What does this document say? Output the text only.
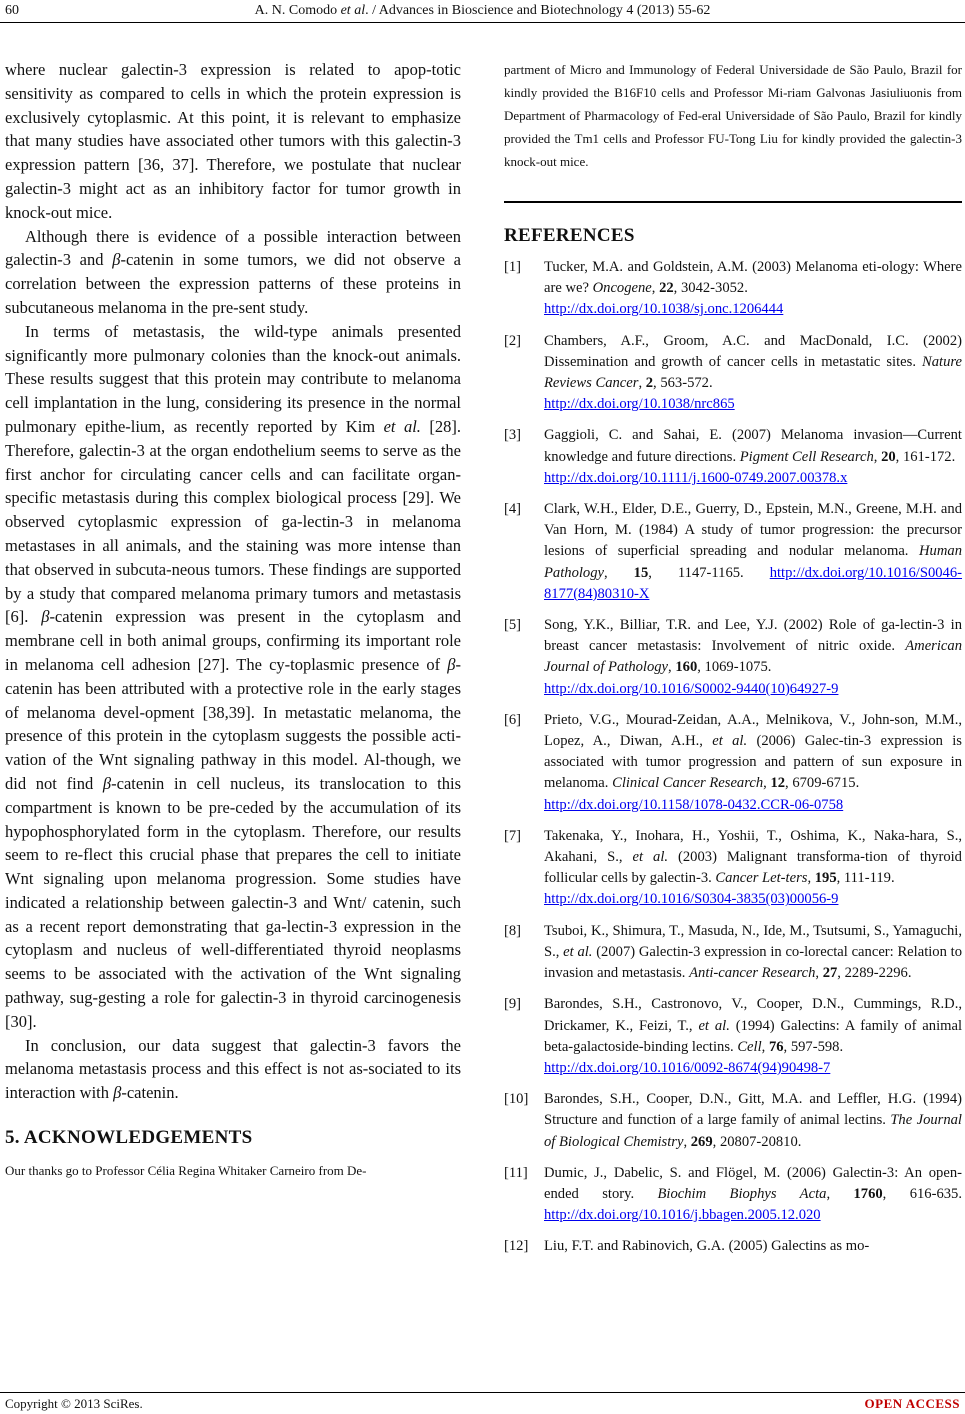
60	A. N. Comodo et al. / Advances in Bioscience and Biotechnology 4 (2013) 55-62

where nuclear galectin-3 expression is related to apop-totic sensitivity as compared to cells in which the protein expression is exclusively cytoplasmic. At this point, it is relevant to emphasize that many studies have associated other tumors with this galectin-3 expression pattern [36, 37]. Therefore, we postulate that nuclear galectin-3 might act as an inhibitory factor for tumor growth in knock-out mice.

Although there is evidence of a possible interaction between galectin-3 and β-catenin in some tumors, we did not observe a correlation between the expression patterns of these proteins in subcutaneous melanoma in the pre-sent study.

In terms of metastasis, the wild-type animals presented significantly more pulmonary colonies than the knock-out animals. These results suggest that this protein may contribute to melanoma cell implantation in the lung, considering its presence in the normal pulmonary epithe-lium, as recently reported by Kim et al. [28]. Therefore, galectin-3 at the organ endothelium seems to serve as the first anchor for circulating cancer cells and can facilitate organ-specific metastasis during this complex biological process [29]. We observed cytoplasmic expression of ga-lectin-3 in melanoma metastases in all animals, and the staining was more intense than that observed in subcuta-neous tumors. These findings are supported by a study that compared melanoma primary tumors and metastasis [6]. β-catenin expression was present in the cytoplasm and membrane cell in both animal groups, confirming its important role in melanoma cell adhesion [27]. The cy-toplasmic presence of β-catenin has been attributed with a protective role in the early stages of melanoma devel-opment [38,39]. In metastatic melanoma, the presence of this protein in the cytoplasm suggests the possible acti-vation of the Wnt signaling pathway in this model. Al-though, we did not find β-catenin in cell nucleus, its translocation to this compartment is known to be pre-ceded by the accumulation of its hypophosphorylated form in the cytoplasm. Therefore, our results seem to re-flect this crucial phase that prepares the cell to initiate Wnt signaling upon melanoma progression. Some studies have indicated a relationship between galectin-3 and Wnt/ catenin, such as a recent report demonstrating that ga-lectin-3 expression in the cytoplasm and nucleus of well-differentiated thyroid neoplasms seems to be associated with the activation of the Wnt signaling pathway, sug-gesting a role for galectin-3 in thyroid carcinogenesis [30].

In conclusion, our data suggest that galectin-3 favors the melanoma metastasis process and this effect is not as-sociated to its interaction with β-catenin.

5. ACKNOWLEDGEMENTS

Our thanks go to Professor Célia Regina Whitaker Carneiro from De-

partment of Micro and Immunology of Federal Universidade de São Paulo, Brazil for kindly provided the B16F10 cells and Professor Mi-riam Galvonas Jasiuliuonis from Department of Pharmacology of Fed-eral Universidade of São Paulo, Brazil for kindly provided the Tm1 cells and Professor FU-Tong Liu for kindly provided the galectin-3 knock-out mice.

REFERENCES
[1]	Tucker, M.A. and Goldstein, A.M. (2003) Melanoma eti-ology: Where are we? Oncogene, 22, 3042-3052.
http://dx.doi.org/10.1038/sj.onc.1206444
[2]	Chambers, A.F., Groom, A.C. and MacDonald, I.C. (2002) Dissemination and growth of cancer cells in metastatic sites. Nature Reviews Cancer, 2, 563-572.
http://dx.doi.org/10.1038/nrc865
[3]	Gaggioli, C. and Sahai, E. (2007) Melanoma invasion—Current knowledge and future directions. Pigment Cell Research, 20, 161-172.
http://dx.doi.org/10.1111/j.1600-0749.2007.00378.x
[4]	Clark, W.H., Elder, D.E., Guerry, D., Epstein, M.N., Greene, M.H. and Van Horn, M. (1984) A study of tumor progression: the precursor lesions of superficial spreading and nodular melanoma. Human Pathology, 15, 1147-1165. http://dx.doi.org/10.1016/S0046-8177(84)80310-X
[5]	Song, Y.K., Billiar, T.R. and Lee, Y.J. (2002) Role of ga-lectin-3 in breast cancer metastasis: Involvement of nitric oxide. American Journal of Pathology, 160, 1069-1075.
http://dx.doi.org/10.1016/S0002-9440(10)64927-9
[6]	Prieto, V.G., Mourad-Zeidan, A.A., Melnikova, V., John-son, M.M., Lopez, A., Diwan, A.H., et al. (2006) Galec-tin-3 expression is associated with tumor progression and pattern of sun exposure in melanoma. Clinical Cancer Research, 12, 6709-6715.
http://dx.doi.org/10.1158/1078-0432.CCR-06-0758
[7]	Takenaka, Y., Inohara, H., Yoshii, T., Oshima, K., Naka-hara, S., Akahani, S., et al. (2003) Malignant transforma-tion of thyroid follicular cells by galectin-3. Cancer Let-ters, 195, 111-119.
http://dx.doi.org/10.1016/S0304-3835(03)00056-9
[8]	Tsuboi, K., Shimura, T., Masuda, N., Ide, M., Tsutsumi, S., Yamaguchi, S., et al. (2007) Galectin-3 expression in co-lorectal cancer: Relation to invasion and metastasis. Anti-cancer Research, 27, 2289-2296.
[9]	Barondes, S.H., Castronovo, V., Cooper, D.N., Cummings, R.D., Drickamer, K., Feizi, T., et al. (1994) Galectins: A family of animal beta-galactoside-binding lectins. Cell, 76, 597-598.
http://dx.doi.org/10.1016/0092-8674(94)90498-7
[10]	Barondes, S.H., Cooper, D.N., Gitt, M.A. and Leffler, H.G. (1994) Structure and function of a large family of animal lectins. The Journal of Biological Chemistry, 269, 20807-20810.
[11]	Dumic, J., Dabelic, S. and Flögel, M. (2006) Galectin-3: An open-ended story. Biochim Biophys Acta, 1760, 616-635. http://dx.doi.org/10.1016/j.bbagen.2005.12.020
[12]	Liu, F.T. and Rabinovich, G.A. (2005) Galectins as mo-
Copyright © 2013 SciRes.	OPEN ACCESS
